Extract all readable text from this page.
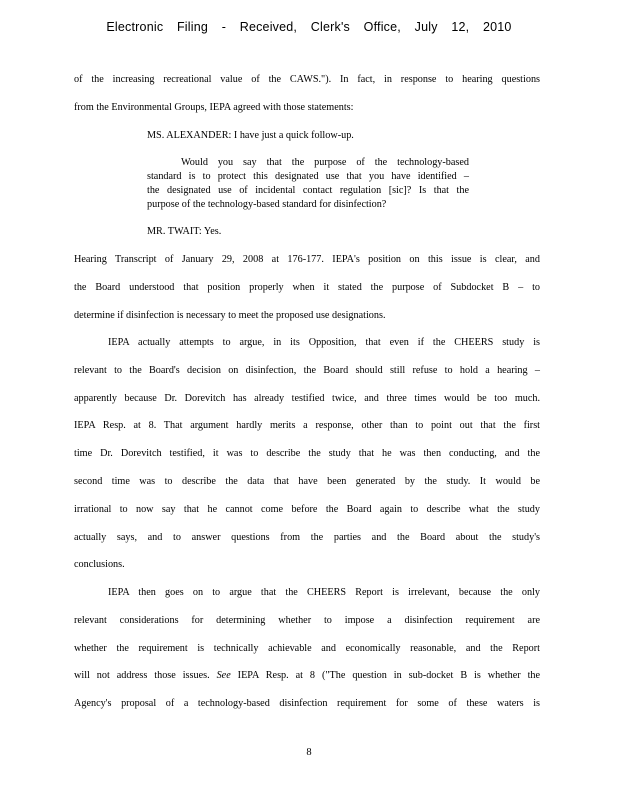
Electronic Filing - Received, Clerk's Office, July 12, 2010
of the increasing recreational value of the CAWS."). In fact, in response to hearing questions
from the Environmental Groups, IEPA agreed with those statements:
MS. ALEXANDER: I have just a quick follow-up.
Would you say that the purpose of the technology-based
standard is to protect this designated use that you have identified –
the designated use of incidental contact regulation [sic]? Is that the
purpose of the technology-based standard for disinfection?
MR. TWAIT: Yes.
Hearing Transcript of January 29, 2008 at 176-177. IEPA's position on this issue is clear, and
the Board understood that position properly when it stated the purpose of Subdocket B – to
determine if disinfection is necessary to meet the proposed use designations.
IEPA actually attempts to argue, in its Opposition, that even if the CHEERS study is
relevant to the Board's decision on disinfection, the Board should still refuse to hold a hearing –
apparently because Dr. Dorevitch has already testified twice, and three times would be too much.
IEPA Resp. at 8. That argument hardly merits a response, other than to point out that the first
time Dr. Dorevitch testified, it was to describe the study that he was then conducting, and the
second time was to describe the data that have been generated by the study. It would be
irrational to now say that he cannot come before the Board again to describe what the study
actually says, and to answer questions from the parties and the Board about the study's
conclusions.
IEPA then goes on to argue that the CHEERS Report is irrelevant, because the only
relevant considerations for determining whether to impose a disinfection requirement are
whether the requirement is technically achievable and economically reasonable, and the Report
will not address those issues. See IEPA Resp. at 8 ("The question in sub-docket B is whether the
Agency's proposal of a technology-based disinfection requirement for some of these waters is
8
